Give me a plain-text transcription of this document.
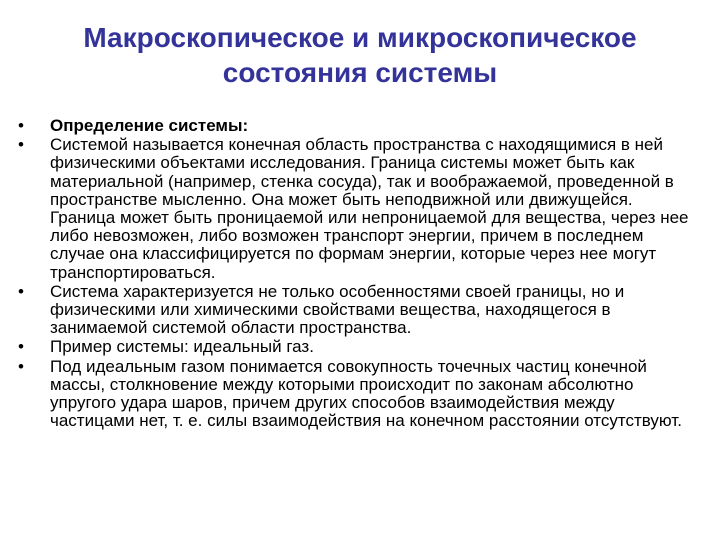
Макроскопическое и микроскопическое
состояния системы
•	Определение системы:
•	Системой называется конечная область пространства с находящимися в ней физическими объектами исследования. Граница системы может быть как материальной (например, стенка сосуда), так и воображаемой, проведенной в пространстве мысленно. Она может быть неподвижной или движущейся. Граница может быть проницаемой или непроницаемой для вещества, через нее либо невозможен, либо возможен транспорт энергии, причем в последнем случае она классифицируется по формам энергии, которые через нее могут транспортироваться.
•	Система характеризуется не только особенностями своей границы, но и физическими или химическими свойствами вещества, находящегося в занимаемой системой области пространства.
•	Пример системы: идеальный газ.
•	Под идеальным газом понимается совокупность точечных частиц конечной массы, столкновение между которыми происходит по законам абсолютно упругого удара шаров, причем других способов взаимодействия между частицами нет, т. е. силы взаимодействия на конечном расстоянии отсутствуют.
